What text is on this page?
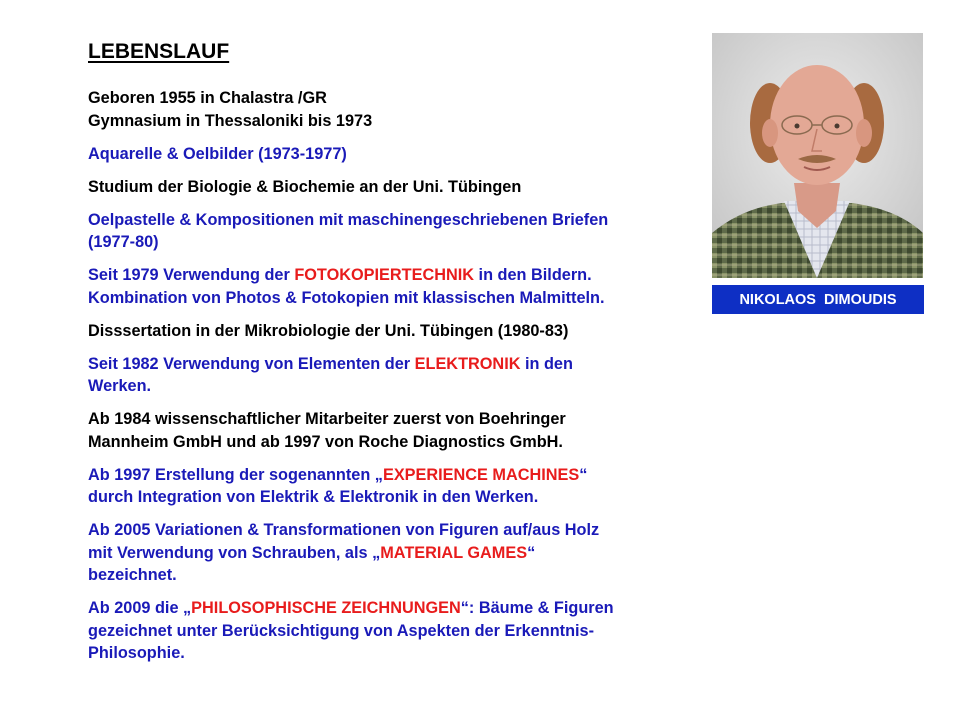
LEBENSLAUF
Geboren 1955 in Chalastra /GR
Gymnasium in Thessaloniki bis 1973
Aquarelle & Oelbilder (1973-1977)
Studium der Biologie & Biochemie an der Uni. Tübingen
Oelpastelle & Kompositionen mit maschinengeschriebenen Briefen
(1977-80)
Seit 1979 Verwendung der FOTOKOPIERTECHNIK in den Bildern.
Kombination von Photos & Fotokopien mit klassischen Malmitteln.
Disssertation in der Mikrobiologie der Uni. Tübingen (1980-83)
Seit 1982 Verwendung von Elementen der ELEKTRONIK in den
Werken.
Ab 1984 wissenschaftlicher Mitarbeiter zuerst von Boehringer
Mannheim GmbH und ab 1997 von Roche Diagnostics GmbH.
Ab 1997 Erstellung der sogenannten „EXPERIENCE MACHINES“
durch Integration von Elektrik & Elektronik in den Werken.
Ab 2005 Variationen & Transformationen von Figuren auf/aus Holz
mit Verwendung von Schrauben, als „MATERIAL GAMES“
bezeichnet.
Ab 2009 die „PHILOSOPHISCHE ZEICHNUNGEN“: Bäume & Figuren
gezeichnet unter Berücksichtigung von Aspekten der Erkenntnis-
Philosophie.
NIKOLAOS  DIMOUDIS
